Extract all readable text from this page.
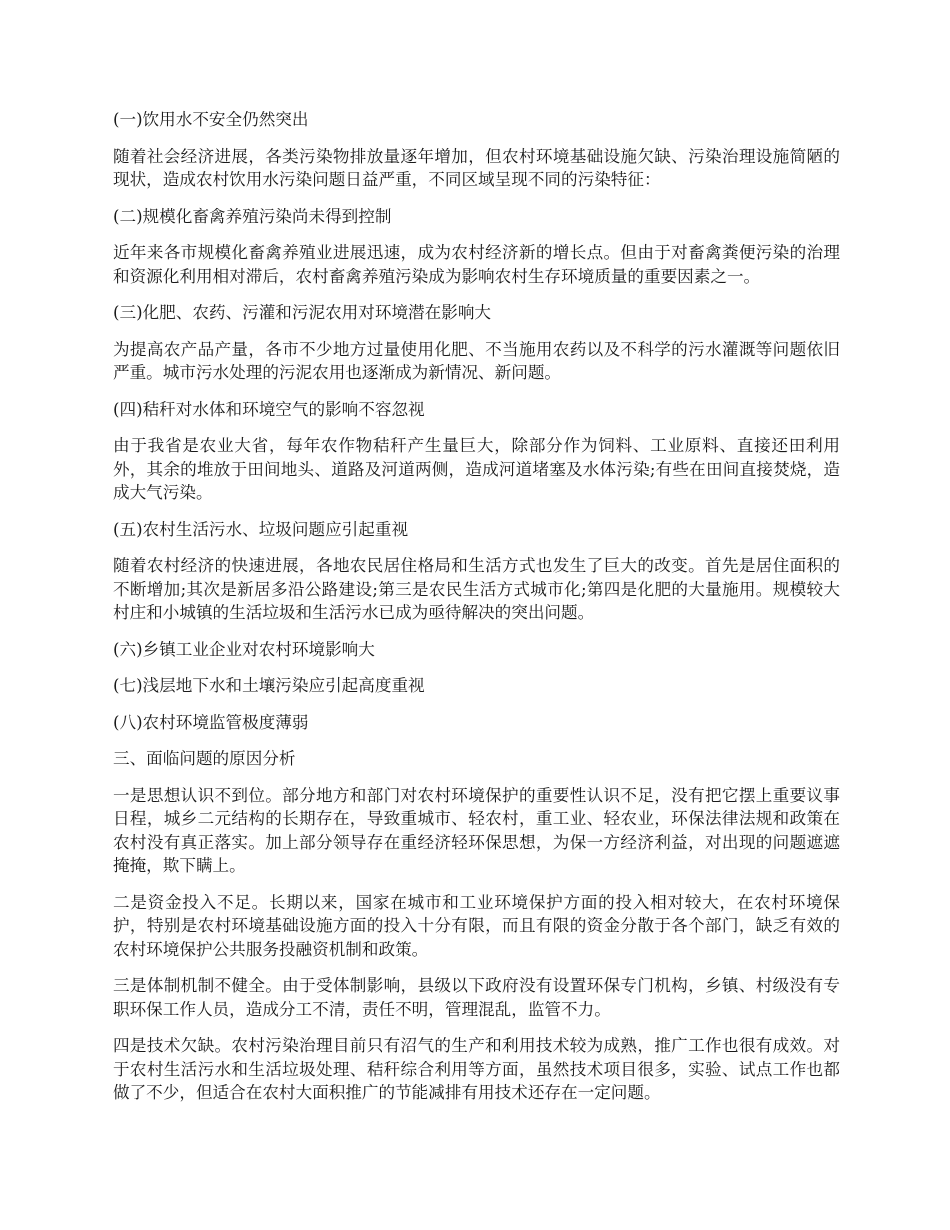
(一)饮用水不安全仍然突出

随着社会经济进展，各类污染物排放量逐年增加，但农村环境基础设施欠缺、污染治理设施简陋的现状，造成农村饮用水污染问题日益严重，不同区域呈现不同的污染特征：

(二)规模化畜禽养殖污染尚未得到控制

近年来各市规模化畜禽养殖业进展迅速，成为农村经济新的增长点。但由于对畜禽粪便污染的治理和资源化利用相对滞后，农村畜禽养殖污染成为影响农村生存环境质量的重要因素之一。

(三)化肥、农药、污灌和污泥农用对环境潜在影响大

为提高农产品产量，各市不少地方过量使用化肥、不当施用农药以及不科学的污水灌溉等问题依旧严重。城市污水处理的污泥农用也逐渐成为新情况、新问题。

(四)秸秆对水体和环境空气的影响不容忽视

由于我省是农业大省，每年农作物秸秆产生量巨大，除部分作为饲料、工业原料、直接还田利用外，其余的堆放于田间地头、道路及河道两侧，造成河道堵塞及水体污染;有些在田间直接焚烧，造成大气污染。

(五)农村生活污水、垃圾问题应引起重视

随着农村经济的快速进展，各地农民居住格局和生活方式也发生了巨大的改变。首先是居住面积的不断增加;其次是新居多沿公路建设;第三是农民生活方式城市化;第四是化肥的大量施用。规模较大村庄和小城镇的生活垃圾和生活污水已成为亟待解决的突出问题。

(六)乡镇工业企业对农村环境影响大

(七)浅层地下水和土壤污染应引起高度重视

(八)农村环境监管极度薄弱

三、面临问题的原因分析

一是思想认识不到位。部分地方和部门对农村环境保护的重要性认识不足，没有把它摆上重要议事日程，城乡二元结构的长期存在，导致重城市、轻农村，重工业、轻农业，环保法律法规和政策在农村没有真正落实。加上部分领导存在重经济轻环保思想，为保一方经济利益，对出现的问题遮遮掩掩，欺下瞒上。

二是资金投入不足。长期以来，国家在城市和工业环境保护方面的投入相对较大，在农村环境保护，特别是农村环境基础设施方面的投入十分有限，而且有限的资金分散于各个部门，缺乏有效的农村环境保护公共服务投融资机制和政策。

三是体制机制不健全。由于受体制影响，县级以下政府没有设置环保专门机构，乡镇、村级没有专职环保工作人员，造成分工不清，责任不明，管理混乱，监管不力。

四是技术欠缺。农村污染治理目前只有沼气的生产和利用技术较为成熟，推广工作也很有成效。对于农村生活污水和生活垃圾处理、秸秆综合利用等方面，虽然技术项目很多，实验、试点工作也都做了不少，但适合在农村大面积推广的节能减排有用技术还存在一定问题。
